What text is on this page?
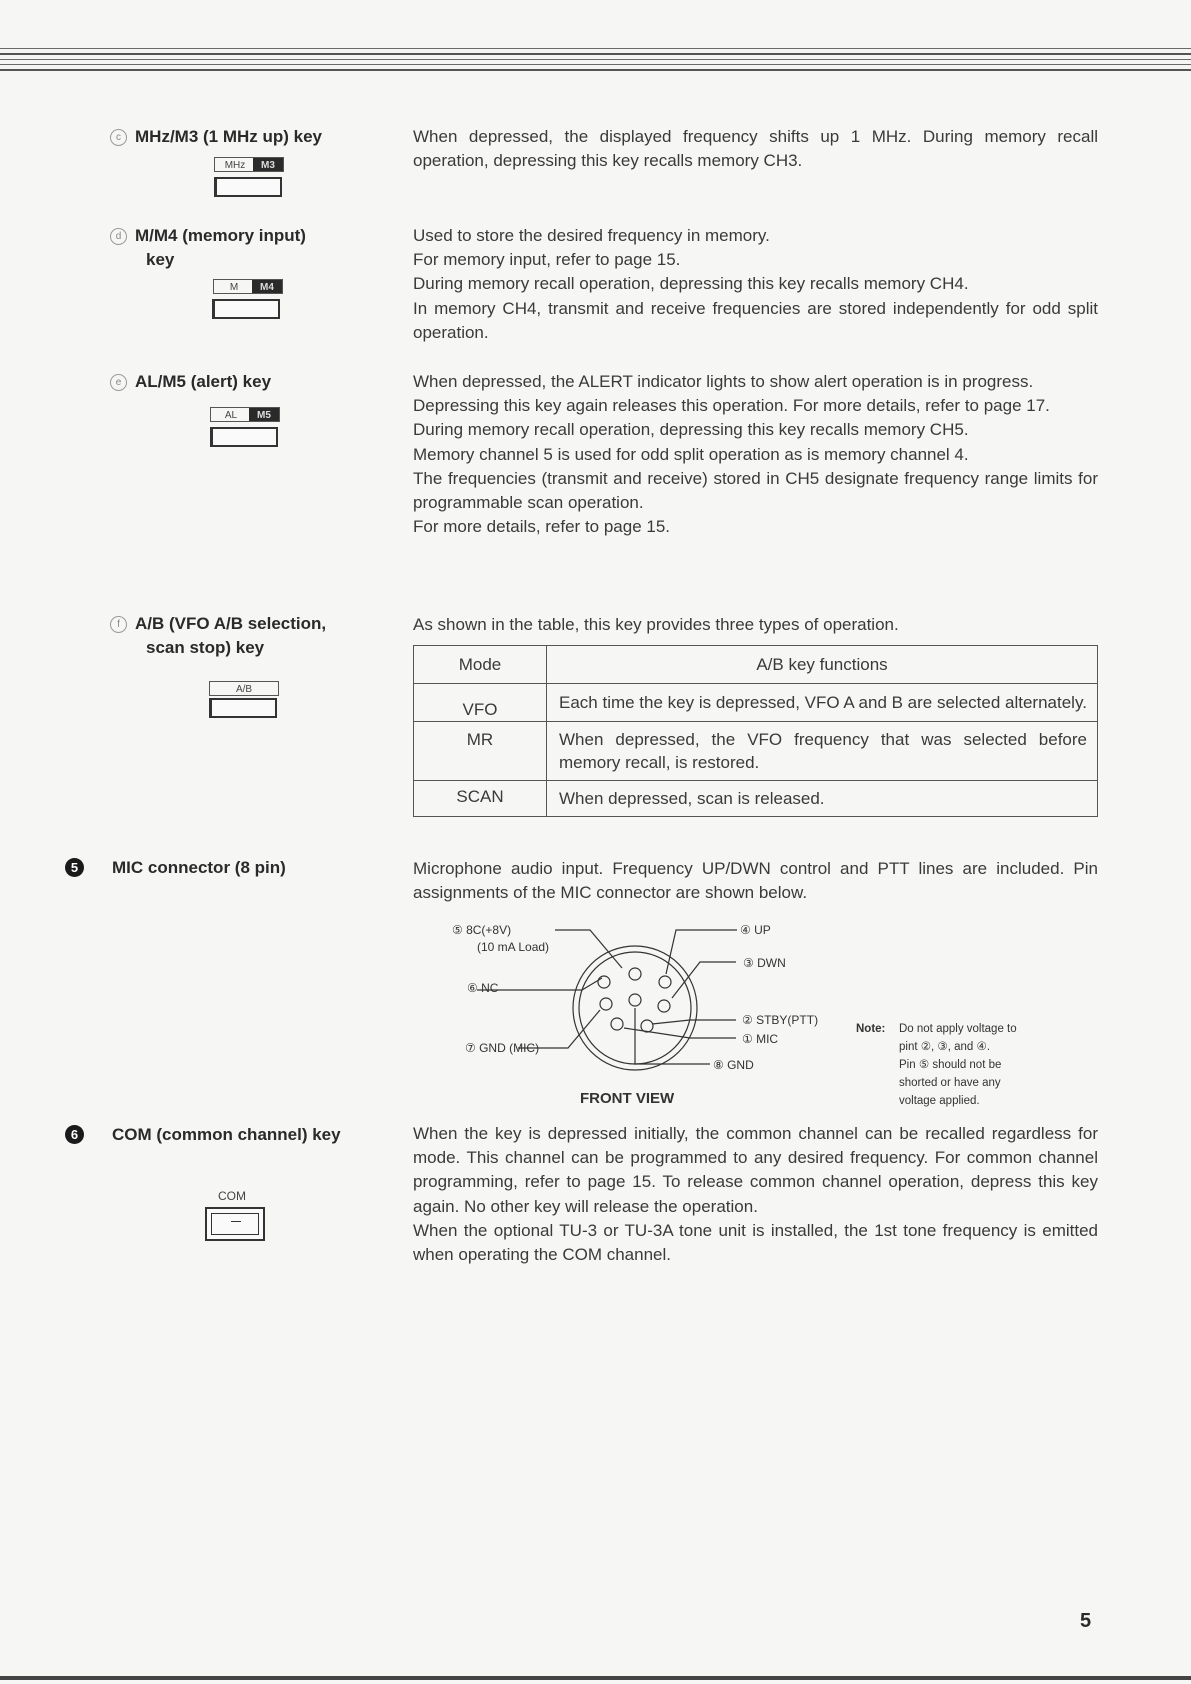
c MHz/M3 (1 MHz up) key
MHz	M3

When depressed, the displayed frequency shifts up 1 MHz. During memory recall operation, depressing this key recalls memory CH3.

d M/M4 (memory input)
key
M	M4

Used to store the desired frequency in memory.

For memory input, refer to page 15.

During memory recall operation, depressing this key recalls memory CH4.

In memory CH4, transmit and receive frequencies are stored independently for odd split operation.

e AL/M5 (alert) key
AL	M5

When depressed, the ALERT indicator lights to show alert operation is in progress.

Depressing this key again releases this operation. For more details, refer to page 17.

During memory recall operation, depressing this key recalls memory CH5.

Memory channel 5 is used for odd split operation as is memory channel 4.

The frequencies (transmit and receive) stored in CH5 designate frequency range limits for programmable scan operation.

For more details, refer to page 15.

f A/B (VFO A/B selection,
scan stop) key
A/B

As shown in the table, this key provides three types of operation.

Mode	A/B key functions
VFO	Each time the key is depressed, VFO A and B are selected alternately.
MR	When depressed, the VFO frequency that was selected before memory recall, is restored.
SCAN	When depressed, scan is released.
5	MIC connector (8 pin)	Microphone audio input. Frequency UP/DWN control and PTT lines are included. Pin assignments of the MIC connector are shown below.

⑤ 8C(+8V)
(10 mA Load)
⑥ NC
⑦ GND (MIC)
④ UP
③ DWN
② STBY(PTT)
① MIC
⑧ GND
FRONT VIEW
Note:	Do not apply voltage to
pint ②, ③, and ④.
Pin ⑤ should not be
shorted or have any
voltage applied.
6	COM (common channel) key
COM

When the key is depressed initially, the common channel can be recalled regardless for mode. This channel can be programmed to any desired frequency. For common channel programming, refer to page 15. To release common channel operation, depress this key again. No other key will release the operation.

When the optional TU-3 or TU-3A tone unit is installed, the 1st tone frequency is emitted when operating the COM channel.

5
